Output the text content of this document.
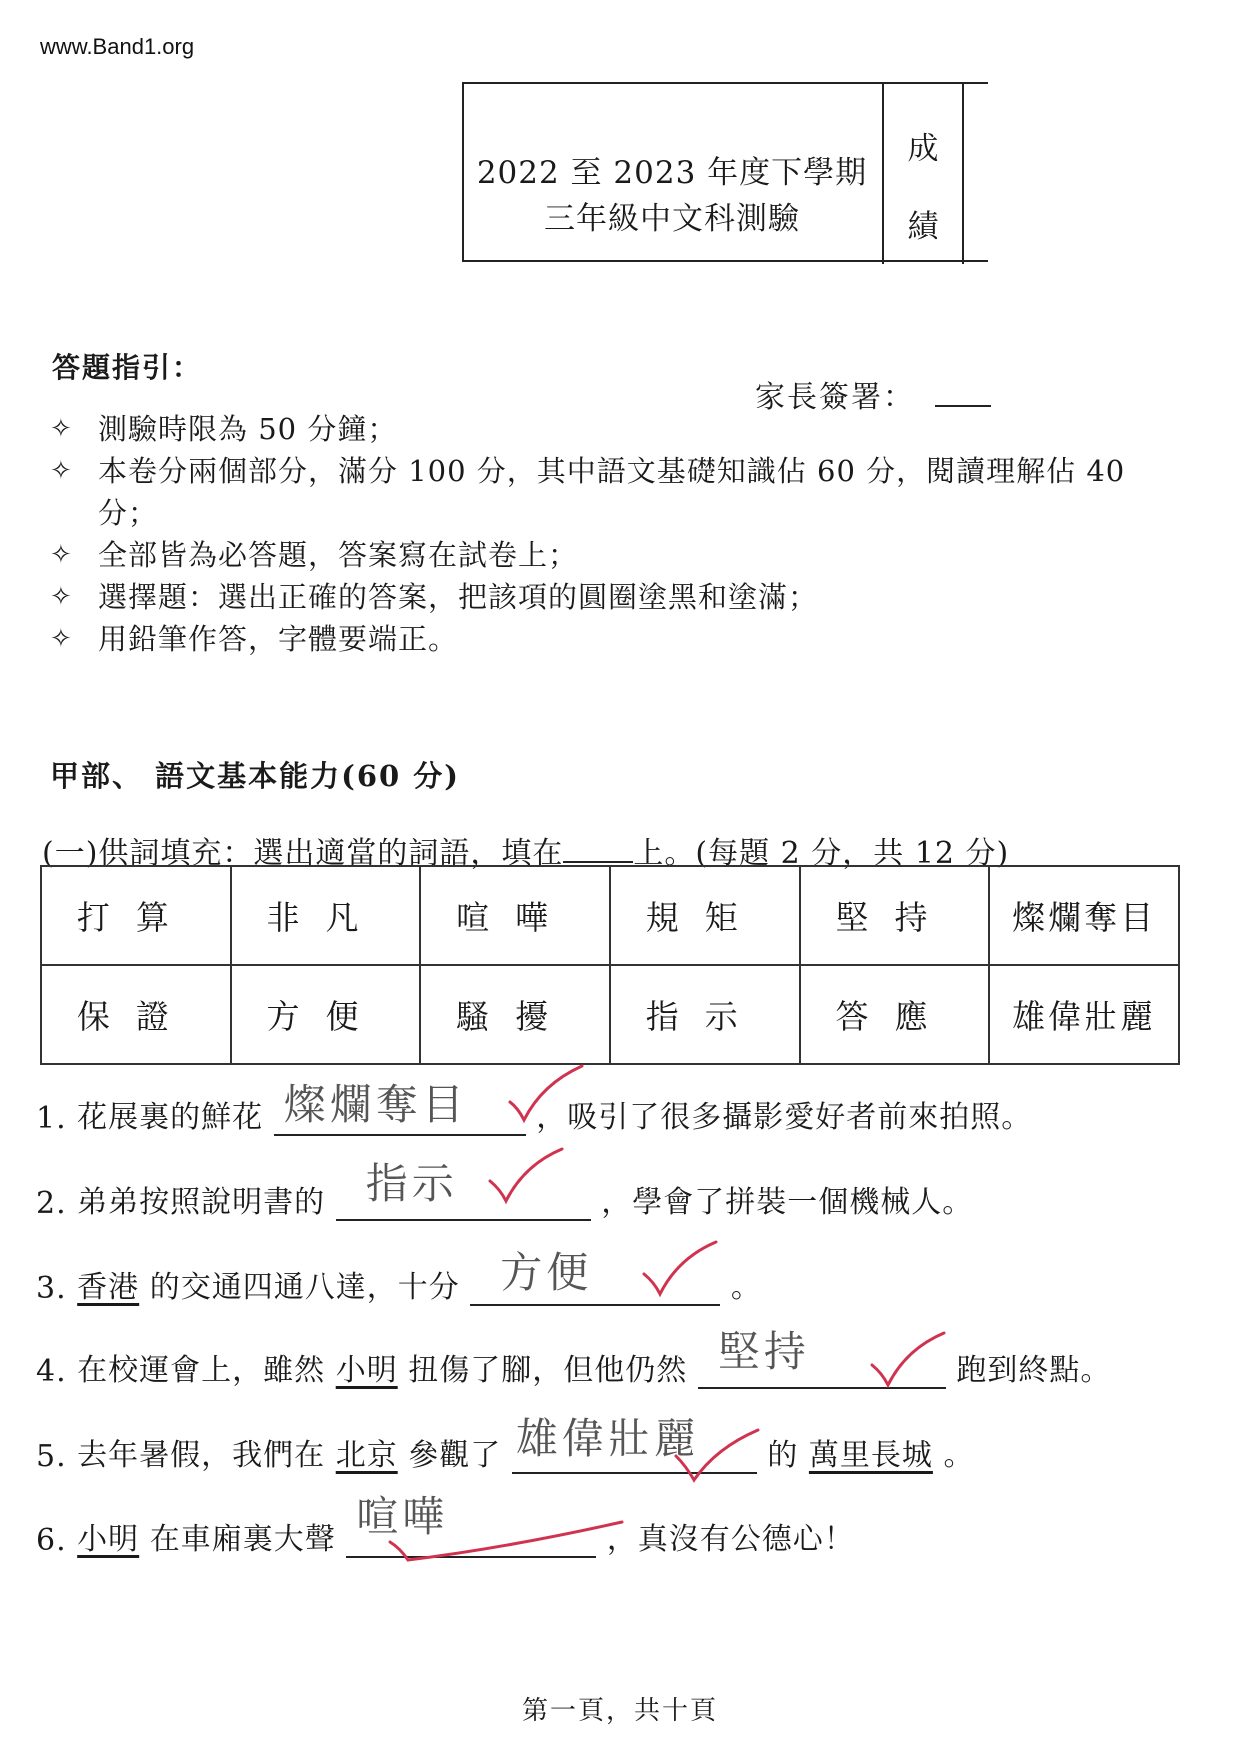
www.Band1.org
2022 至 2023 年度下學期
三年級中文科測驗
成
績
答題指引：
家長簽署：
✧ 測驗時限為 50 分鐘；
✧ 本卷分兩個部分，滿分 100 分，其中語文基礎知識佔 60 分，閱讀理解佔 40 分；
✧ 全部皆為必答題，答案寫在試卷上；
✧ 選擇題：選出正確的答案，把該項的圓圈塗黑和塗滿；
✧ 用鉛筆作答，字體要端正。
甲部、 語文基本能力(60 分)
(一)供詞填充：選出適當的詞語，填在 上。(每題 2 分，共 12 分)
打算	非凡	喧嘩	規矩	堅持	燦爛奪目
保證	方便	騷擾	指示	答應	雄偉壯麗
1. 花展裏的鮮花 燦爛奪目 ，吸引了很多攝影愛好者前來拍照。
2. 弟弟按照說明書的 指示	，學會了拼裝一個機械人。
3. 香港 的交通四通八達，十分 方便	。
4. 在校運會上，雖然 小明 扭傷了腳，但他仍然 堅持	跑到終點。
5. 去年暑假，我們在 北京 參觀了 雄偉壯麗 的 萬里長城 。
6. 小明 在車廂裏大聲 喧嘩	，真沒有公德心！
第一頁，共十頁
